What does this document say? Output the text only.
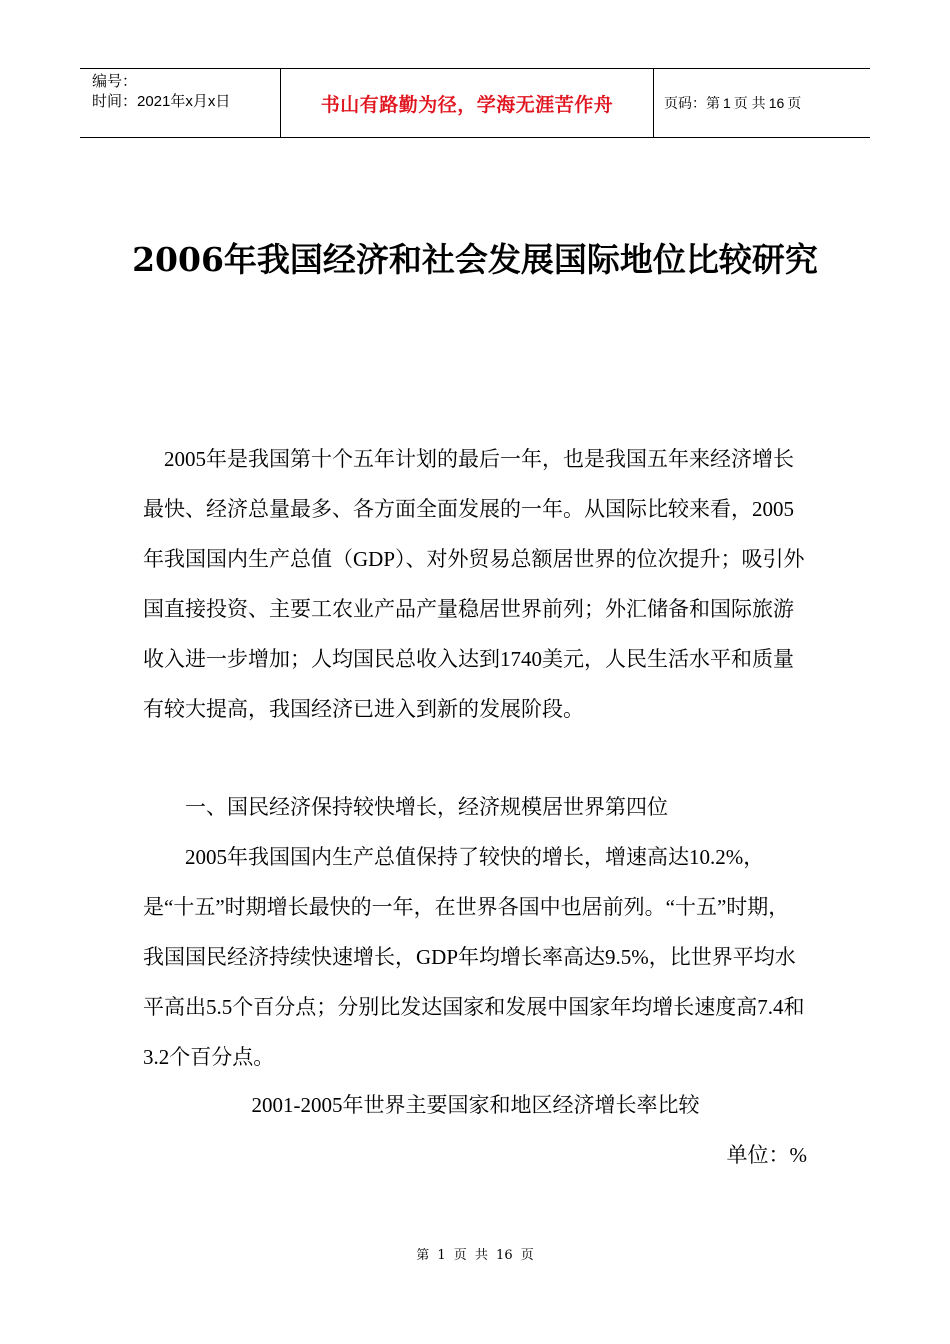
编号：
时间：2021年x月x日	书山有路勤为径，学海无涯苦作舟	页码：第 1 页 共 16 页
2006年我国经济和社会发展国际地位比较研究
2005年是我国第十个五年计划的最后一年，也是我国五年来经济增长最快、经济总量最多、各方面全面发展的一年。从国际比较来看，2005年我国国内生产总值（GDP）、对外贸易总额居世界的位次提升；吸引外国直接投资、主要工农业产品产量稳居世界前列；外汇储备和国际旅游收入进一步增加；人均国民总收入达到1740美元，人民生活水平和质量有较大提高，我国经济已进入到新的发展阶段。
一、国民经济保持较快增长，经济规模居世界第四位
2005年我国国内生产总值保持了较快的增长，增速高达10.2%，是“十五”时期增长最快的一年，在世界各国中也居前列。“十五”时期，我国国民经济持续快速增长，GDP年均增长率高达9.5%，比世界平均水平高出5.5个百分点；分别比发达国家和发展中国家年均增长速度高7.4和3.2个百分点。
2001-2005年世界主要国家和地区经济增长率比较
单位：%
第 1 页 共 16 页
